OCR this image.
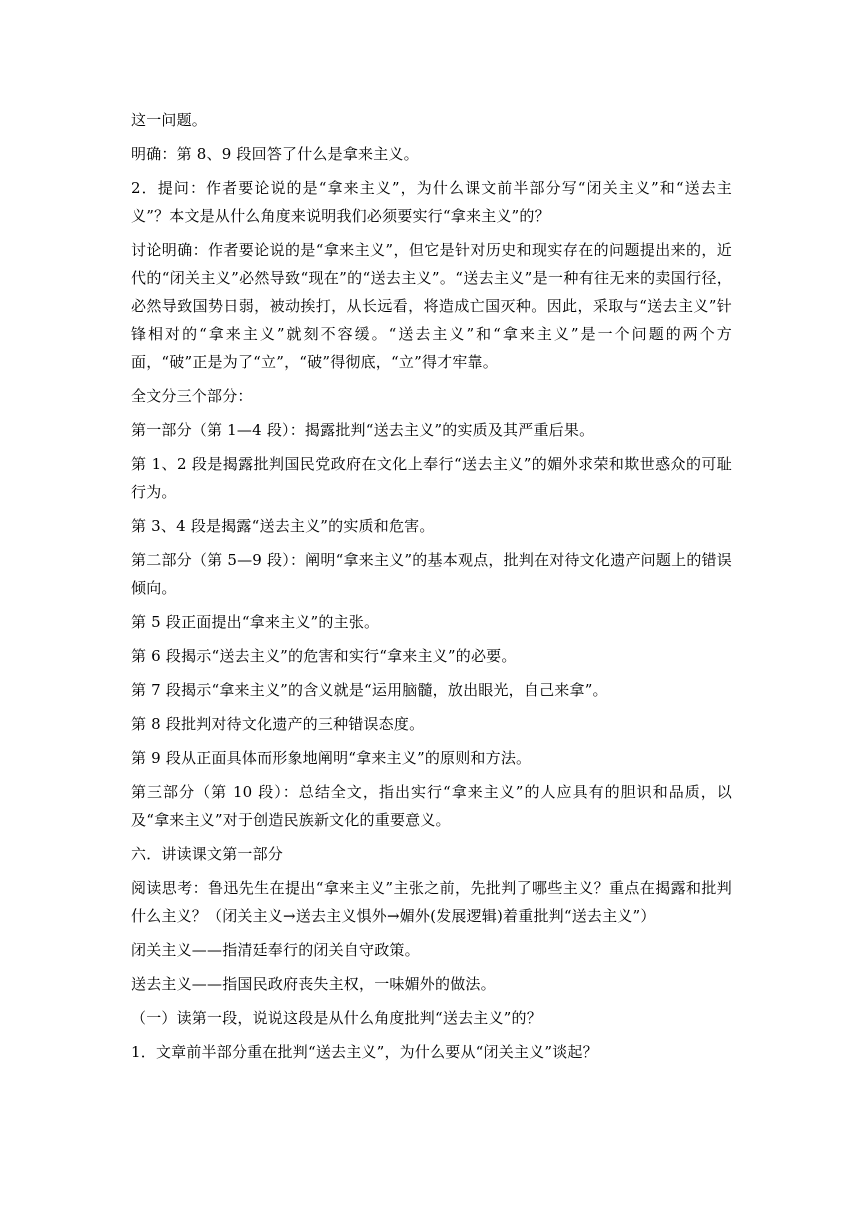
这一问题。

明确：第 8、9 段回答了什么是拿来主义。

2．提问：作者要论说的是“拿来主义”，为什么课文前半部分写“闭关主义”和“送去主义”？本文是从什么角度来说明我们必须要实行“拿来主义”的？

讨论明确：作者要论说的是“拿来主义”，但它是针对历史和现实存在的问题提出来的，近代的“闭关主义”必然导致“现在”的“送去主义”。“送去主义”是一种有往无来的卖国行径，必然导致国势日弱，被动挨打，从长远看，将造成亡国灭种。因此，采取与“送去主义”针锋相对的“拿来主义”就刻不容缓。“送去主义”和“拿来主义”是一个问题的两个方面，“破”正是为了“立”，“破”得彻底，“立”得才牢靠。

全文分三个部分：

第一部分（第 1—4 段）：揭露批判“送去主义”的实质及其严重后果。

第 1、2 段是揭露批判国民党政府在文化上奉行“送去主义”的媚外求荣和欺世惑众的可耻行为。

第 3、4 段是揭露“送去主义”的实质和危害。

第二部分（第 5—9 段）：阐明“拿来主义”的基本观点，批判在对待文化遗产问题上的错误倾向。

第 5 段正面提出“拿来主义”的主张。

第 6 段揭示“送去主义”的危害和实行“拿来主义”的必要。

第 7 段揭示“拿来主义”的含义就是“运用脑髓，放出眼光，自己来拿”。

第 8 段批判对待文化遗产的三种错误态度。

第 9 段从正面具体而形象地阐明“拿来主义”的原则和方法。

第三部分（第 10 段）：总结全文，指出实行“拿来主义”的人应具有的胆识和品质，以及“拿来主义”对于创造民族新文化的重要意义。

六．讲读课文第一部分

阅读思考：鲁迅先生在提出“拿来主义”主张之前，先批判了哪些主义？重点在揭露和批判什么主义？（闭关主义→送去主义惧外→媚外(发展逻辑)着重批判“送去主义”）

闭关主义——指清廷奉行的闭关自守政策。

送去主义——指国民政府丧失主权，一味媚外的做法。

（一）读第一段，说说这段是从什么角度批判“送去主义”的？

1．文章前半部分重在批判“送去主义”，为什么要从“闭关主义”谈起？
